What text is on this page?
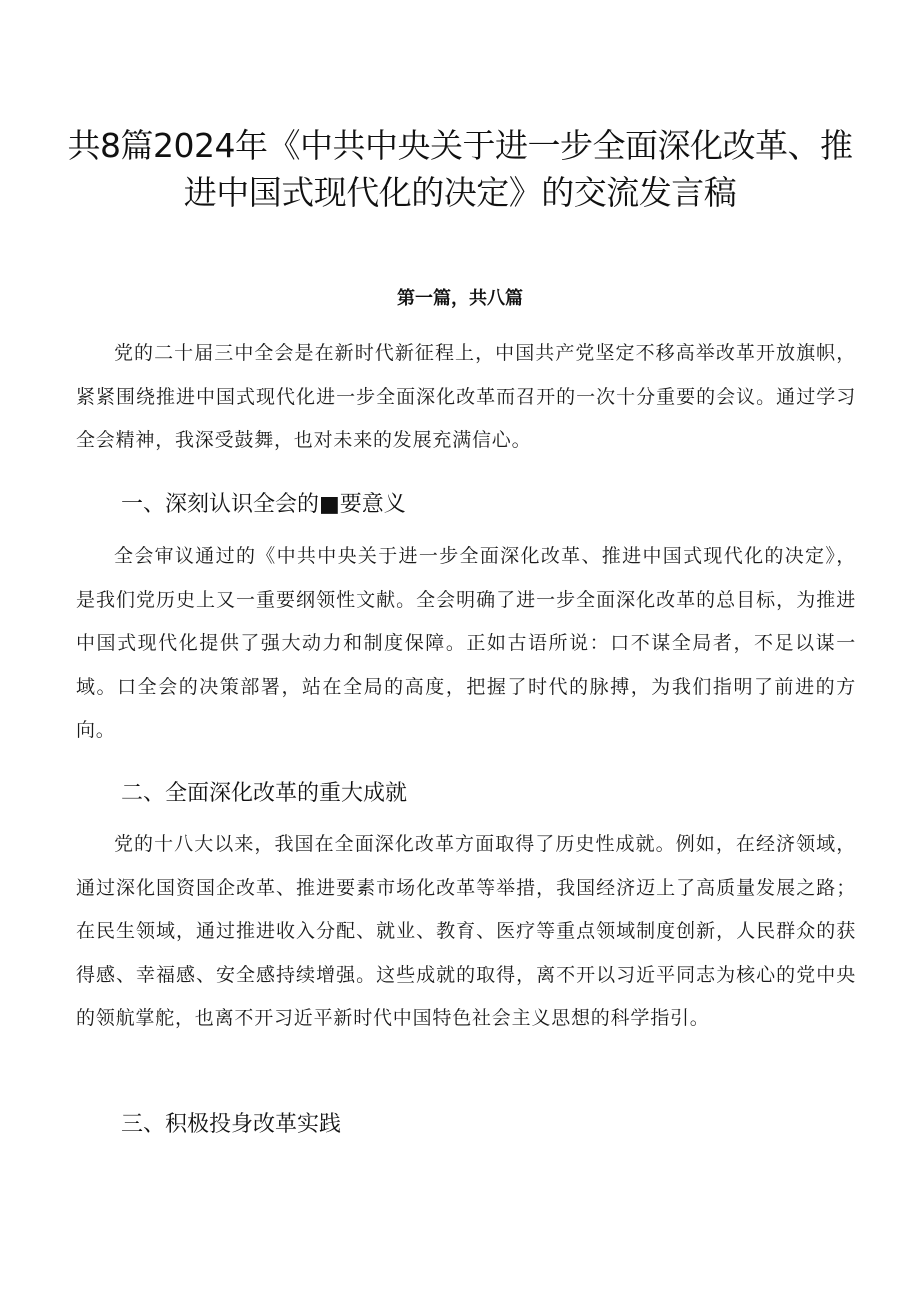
共8篇2024年《中共中央关于进一步全面深化改革、推进中国式现代化的决定》的交流发言稿

第一篇，共八篇

党的二十届三中全会是在新时代新征程上，中国共产党坚定不移高举改革开放旗帜，紧紧围绕推进中国式现代化进一步全面深化改革而召开的一次十分重要的会议。通过学习全会精神，我深受鼓舞，也对未来的发展充满信心。

一、深刻认识全会的■要意义

全会审议通过的《中共中央关于进一步全面深化改革、推进中国式现代化的决定》，是我们党历史上又一重要纲领性文献。全会明确了进一步全面深化改革的总目标，为推进中国式现代化提供了强大动力和制度保障。正如古语所说：口不谋全局者，不足以谋一域。口全会的决策部署，站在全局的高度，把握了时代的脉搏，为我们指明了前进的方向。

二、全面深化改革的重大成就

党的十八大以来，我国在全面深化改革方面取得了历史性成就。例如，在经济领域，通过深化国资国企改革、推进要素市场化改革等举措，我国经济迈上了高质量发展之路；在民生领域，通过推进收入分配、就业、教育、医疗等重点领域制度创新，人民群众的获得感、幸福感、安全感持续增强。这些成就的取得，离不开以习近平同志为核心的党中央的领航掌舵，也离不开习近平新时代中国特色社会主义思想的科学指引。

三、积极投身改革实践
